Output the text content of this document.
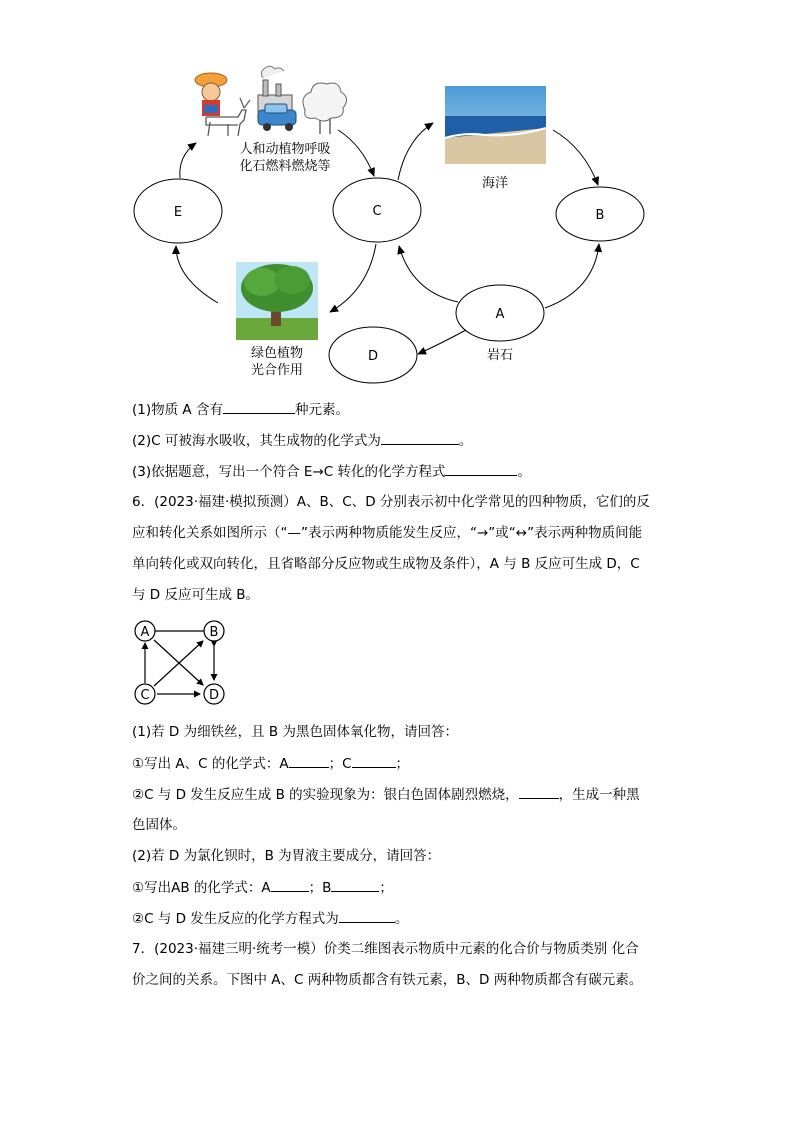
E	C	B
A
D
人和动植物呼吸
化石燃料燃烧等
海洋
绿色植物
光合作用
岩石
(1)物质 A 含有	种元素。
(2)C 可被海水吸收，其生成物的化学式为	。
(3)依据题意，写出一个符合 E→C 转化的化学方程式	。
6．(2023·福建·模拟预测）A、B、C、D 分别表示初中化学常见的四种物质，它们的反
应和转化关系如图所示（“—”表示两种物质能发生反应，“→”或“↔”表示两种物质间能
单向转化或双向转化，且省略部分反应物或生成物及条件），A 与 B 反应可生成 D，C
与 D 反应可生成 B。
A	B
C	D
(1)若 D 为细铁丝，且 B 为黑色固体氧化物，请回答：
①写出 A、C 的化学式：A	；C	；
②C 与 D 发生反应生成 B 的实验现象为：银白色固体剧烈燃烧，	，生成一种黑
色固体。
(2)若 D 为氯化钡时，B 为胃液主要成分，请回答：
①写出AB 的化学式：A	；B	；
②C 与 D 发生反应的化学方程式为	。
7．(2023·福建三明·统考一模）价类二维图表示物质中元素的化合价与物质类别 化合
价之间的关系。下图中 A、C 两种物质都含有铁元素，B、D 两种物质都含有碳元素。
